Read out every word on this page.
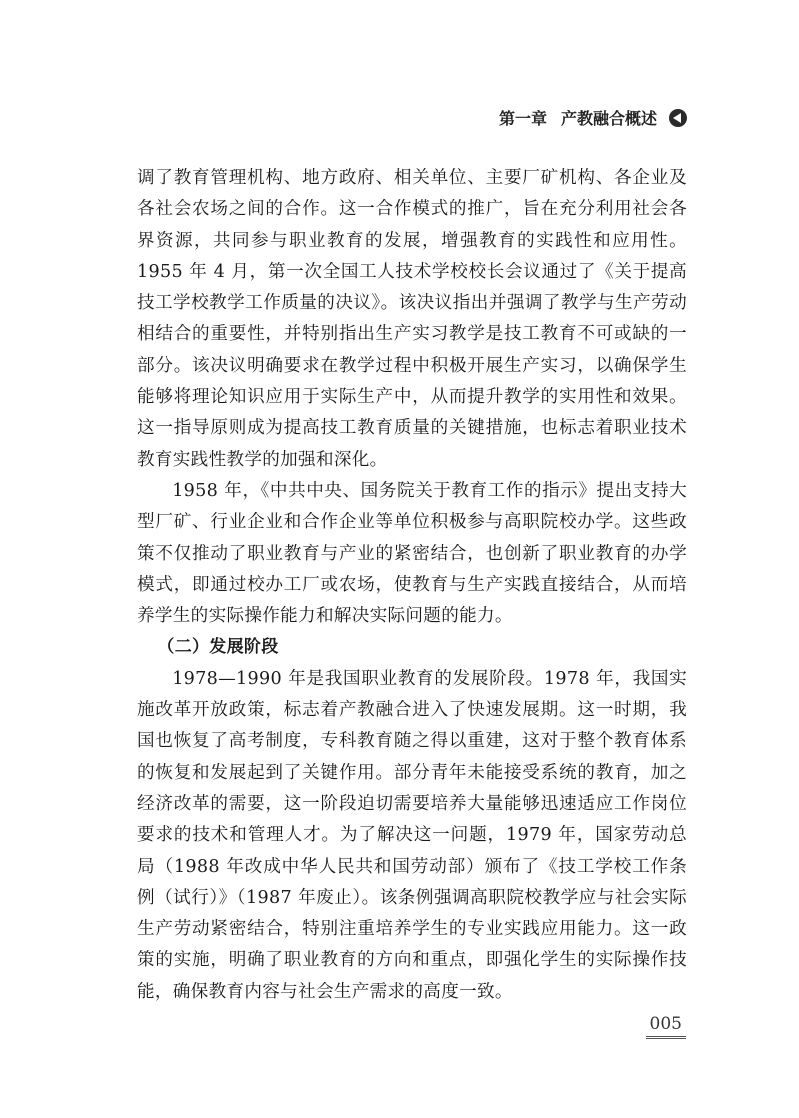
第一章 产教融合概述

调了教育管理机构、地方政府、相关单位、主要厂矿机构、各企业及各社会农场之间的合作。这一合作模式的推广，旨在充分利用社会各界资源，共同参与职业教育的发展，增强教育的实践性和应用性。1955 年 4 月，第一次全国工人技术学校校长会议通过了《关于提高技工学校教学工作质量的决议》。该决议指出并强调了教学与生产劳动相结合的重要性，并特别指出生产实习教学是技工教育不可或缺的一部分。该决议明确要求在教学过程中积极开展生产实习，以确保学生能够将理论知识应用于实际生产中，从而提升教学的实用性和效果。这一指导原则成为提高技工教育质量的关键措施，也标志着职业技术教育实践性教学的加强和深化。

1958 年，《中共中央、国务院关于教育工作的指示》提出支持大型厂矿、行业企业和合作企业等单位积极参与高职院校办学。这些政策不仅推动了职业教育与产业的紧密结合，也创新了职业教育的办学模式，即通过校办工厂或农场，使教育与生产实践直接结合，从而培养学生的实际操作能力和解决实际问题的能力。

（二）发展阶段

1978—1990 年是我国职业教育的发展阶段。1978 年，我国实施改革开放政策，标志着产教融合进入了快速发展期。这一时期，我国也恢复了高考制度，专科教育随之得以重建，这对于整个教育体系的恢复和发展起到了关键作用。部分青年未能接受系统的教育，加之经济改革的需要，这一阶段迫切需要培养大量能够迅速适应工作岗位要求的技术和管理人才。为了解决这一问题，1979 年，国家劳动总局（1988 年改成中华人民共和国劳动部）颁布了《技工学校工作条例（试行）》（1987 年废止）。该条例强调高职院校教学应与社会实际生产劳动紧密结合，特别注重培养学生的专业实践应用能力。这一政策的实施，明确了职业教育的方向和重点，即强化学生的实际操作技能，确保教育内容与社会生产需求的高度一致。

005
